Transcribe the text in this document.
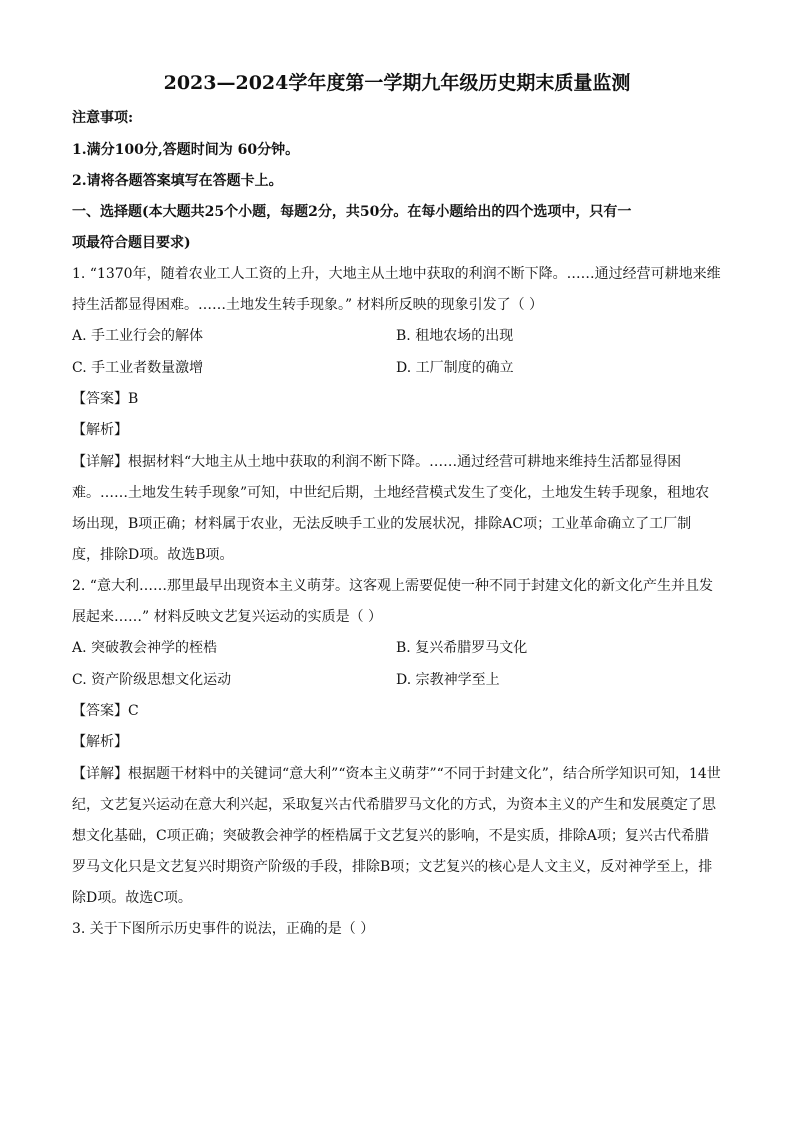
2023—2024学年度第一学期九年级历史期末质量监测
注意事项:
1.满分100分,答题时间为 60分钟。
2.请将各题答案填写在答题卡上。
一、选择题(本大题共25个小题，每题2分，共50分。在每小题给出的四个选项中，只有一
项最符合题目要求)
1. “1370年，随着农业工人工资的上升，大地主从土地中获取的利润不断下降。……通过经营可耕地来维
持生活都显得困难。……土地发生转手现象。” 材料所反映的现象引发了（ ）
A. 手工业行会的解体	B. 租地农场的出现
C. 手工业者数量激增	D. 工厂制度的确立
【答案】B
【解析】
【详解】根据材料“大地主从土地中获取的利润不断下降。……通过经营可耕地来维持生活都显得困
难。……土地发生转手现象”可知，中世纪后期，土地经营模式发生了变化，土地发生转手现象，租地农
场出现，B项正确；材料属于农业，无法反映手工业的发展状况，排除AC项；工业革命确立了工厂制
度，排除D项。故选B项。
2. “意大利……那里最早出现资本主义萌芽。这客观上需要促使一种不同于封建文化的新文化产生并且发
展起来……” 材料反映文艺复兴运动的实质是（ ）
A. 突破教会神学的桎梏	B. 复兴希腊罗马文化
C. 资产阶级思想文化运动	D. 宗教神学至上
【答案】C
【解析】
【详解】根据题干材料中的关键词“意大利”“资本主义萌芽”“不同于封建文化”，结合所学知识可知，14世
纪，文艺复兴运动在意大利兴起，采取复兴古代希腊罗马文化的方式，为资本主义的产生和发展奠定了思
想文化基础，C项正确；突破教会神学的桎梏属于文艺复兴的影响，不是实质，排除A项；复兴古代希腊
罗马文化只是文艺复兴时期资产阶级的手段，排除B项；文艺复兴的核心是人文主义，反对神学至上，排
除D项。故选C项。
3. 关于下图所示历史事件的说法，正确的是（ ）
